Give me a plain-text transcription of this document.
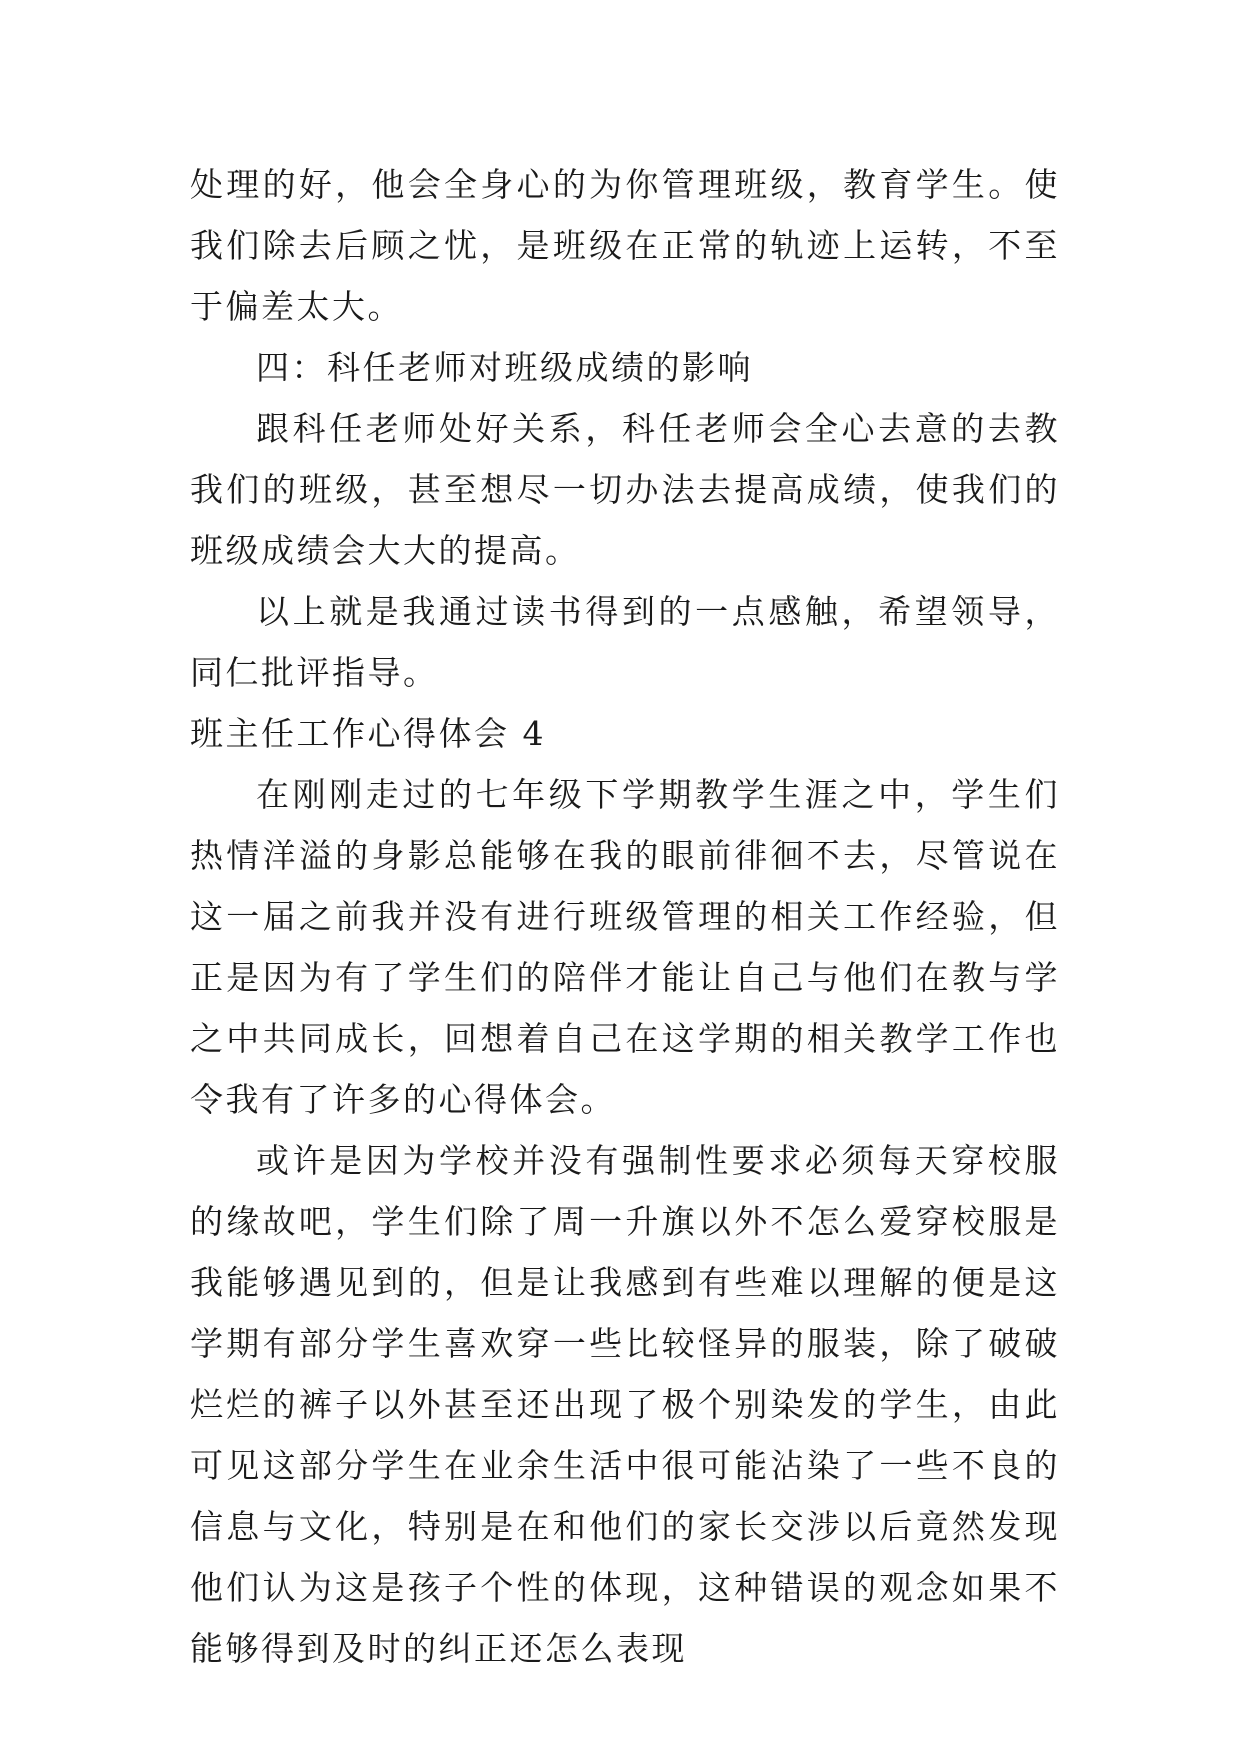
处理的好，他会全身心的为你管理班级，教育学生。使我们除去后顾之忧，是班级在正常的轨迹上运转，不至于偏差太大。

四：科任老师对班级成绩的影响

跟科任老师处好关系，科任老师会全心去意的去教我们的班级，甚至想尽一切办法去提高成绩，使我们的班级成绩会大大的提高。

以上就是我通过读书得到的一点感触，希望领导，同仁批评指导。

班主任工作心得体会 4

在刚刚走过的七年级下学期教学生涯之中，学生们热情洋溢的身影总能够在我的眼前徘徊不去，尽管说在这一届之前我并没有进行班级管理的相关工作经验，但正是因为有了学生们的陪伴才能让自己与他们在教与学之中共同成长，回想着自己在这学期的相关教学工作也令我有了许多的心得体会。

或许是因为学校并没有强制性要求必须每天穿校服的缘故吧，学生们除了周一升旗以外不怎么爱穿校服是我能够遇见到的，但是让我感到有些难以理解的便是这学期有部分学生喜欢穿一些比较怪异的服装，除了破破烂烂的裤子以外甚至还出现了极个别染发的学生，由此可见这部分学生在业余生活中很可能沾染了一些不良的信息与文化，特别是在和他们的家长交涉以后竟然发现他们认为这是孩子个性的体现，这种错误的观念如果不能够得到及时的纠正还怎么表现
